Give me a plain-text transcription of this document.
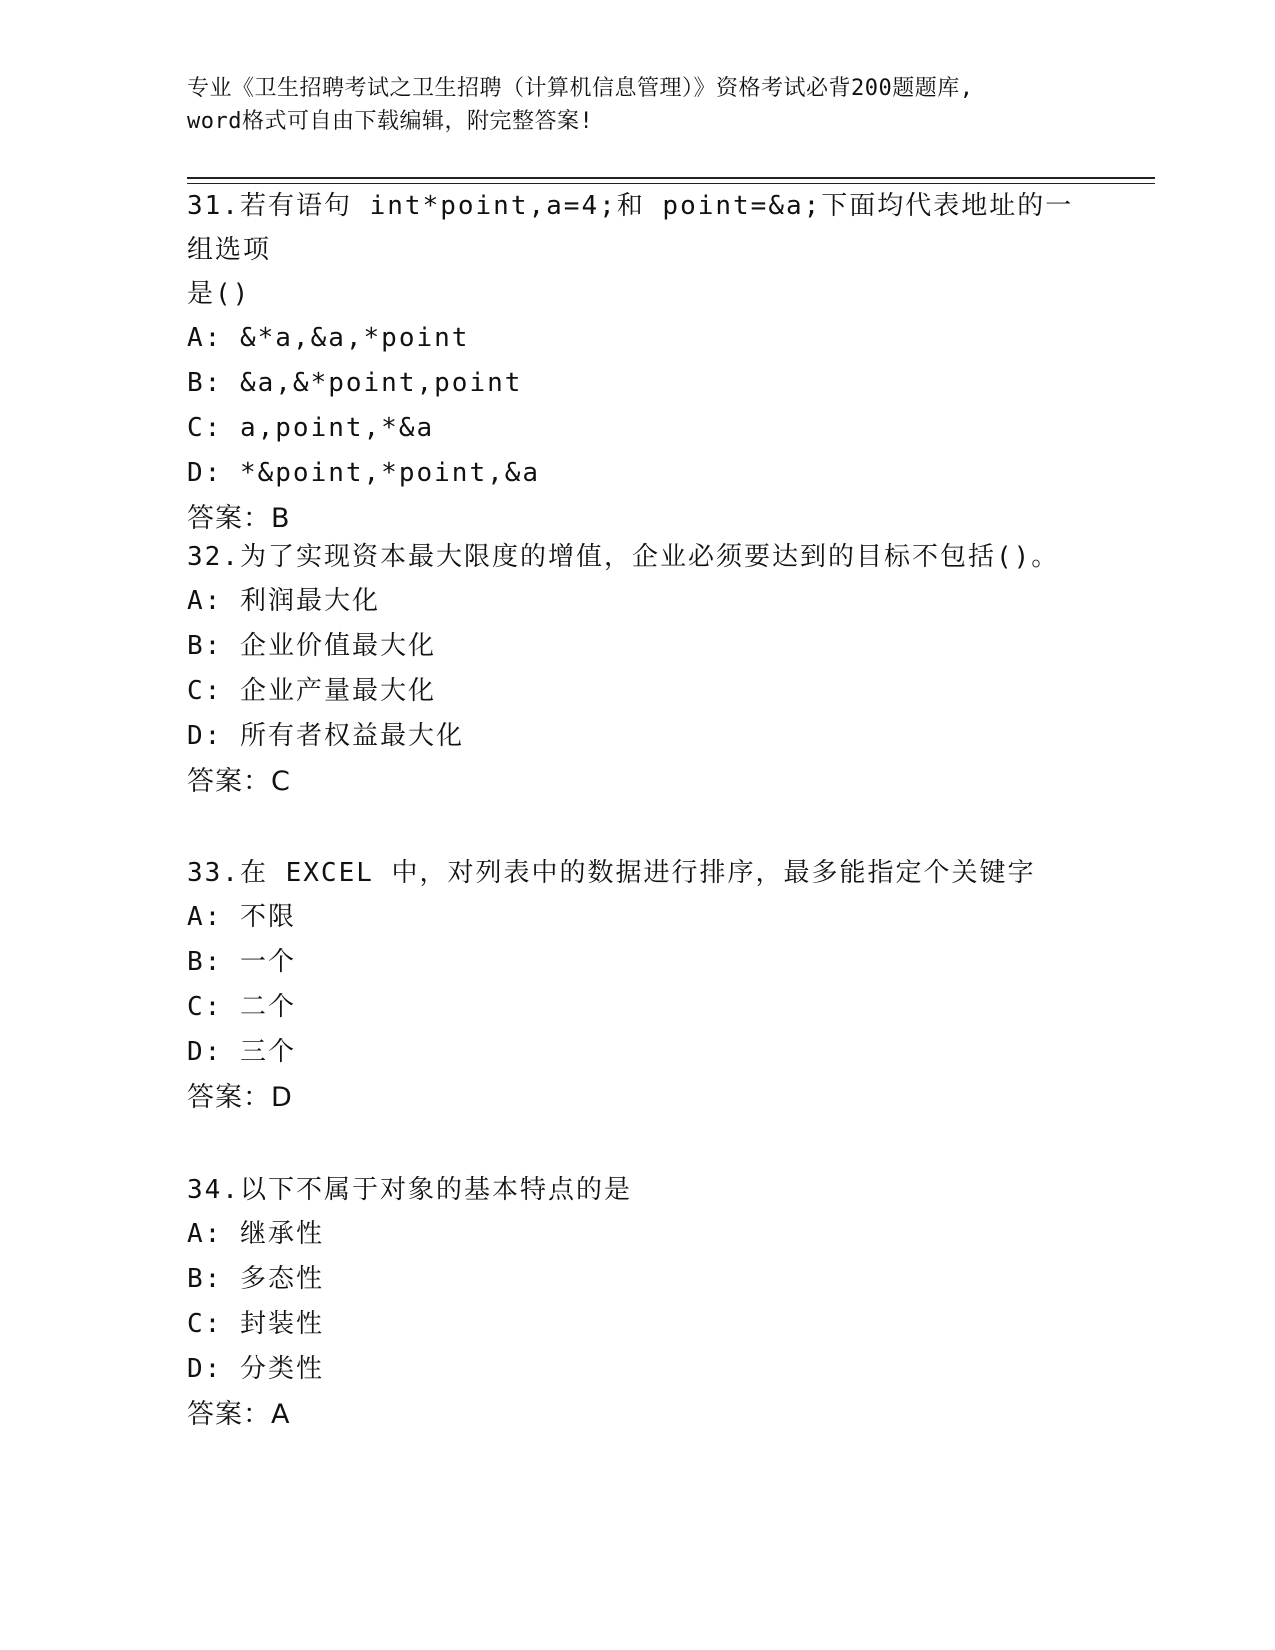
专业《卫生招聘考试之卫生招聘（计算机信息管理）》资格考试必背200题题库,
word格式可自由下载编辑，附完整答案!
31.若有语句 int*point,a=4;和 point=&a;下面均代表地址的一组选项
是()
A: &*a,&a,*point
B: &a,&*point,point
C: a,point,*&a
D: *&point,*point,&a
答案：B
32.为了实现资本最大限度的增值，企业必须要达到的目标不包括()。
A: 利润最大化
B: 企业价值最大化
C: 企业产量最大化
D: 所有者权益最大化
答案：C
33.在 EXCEL 中，对列表中的数据进行排序，最多能指定个关键字
A: 不限
B: 一个
C: 二个
D: 三个
答案：D
34.以下不属于对象的基本特点的是
A: 继承性
B: 多态性
C: 封装性
D: 分类性
答案：A
